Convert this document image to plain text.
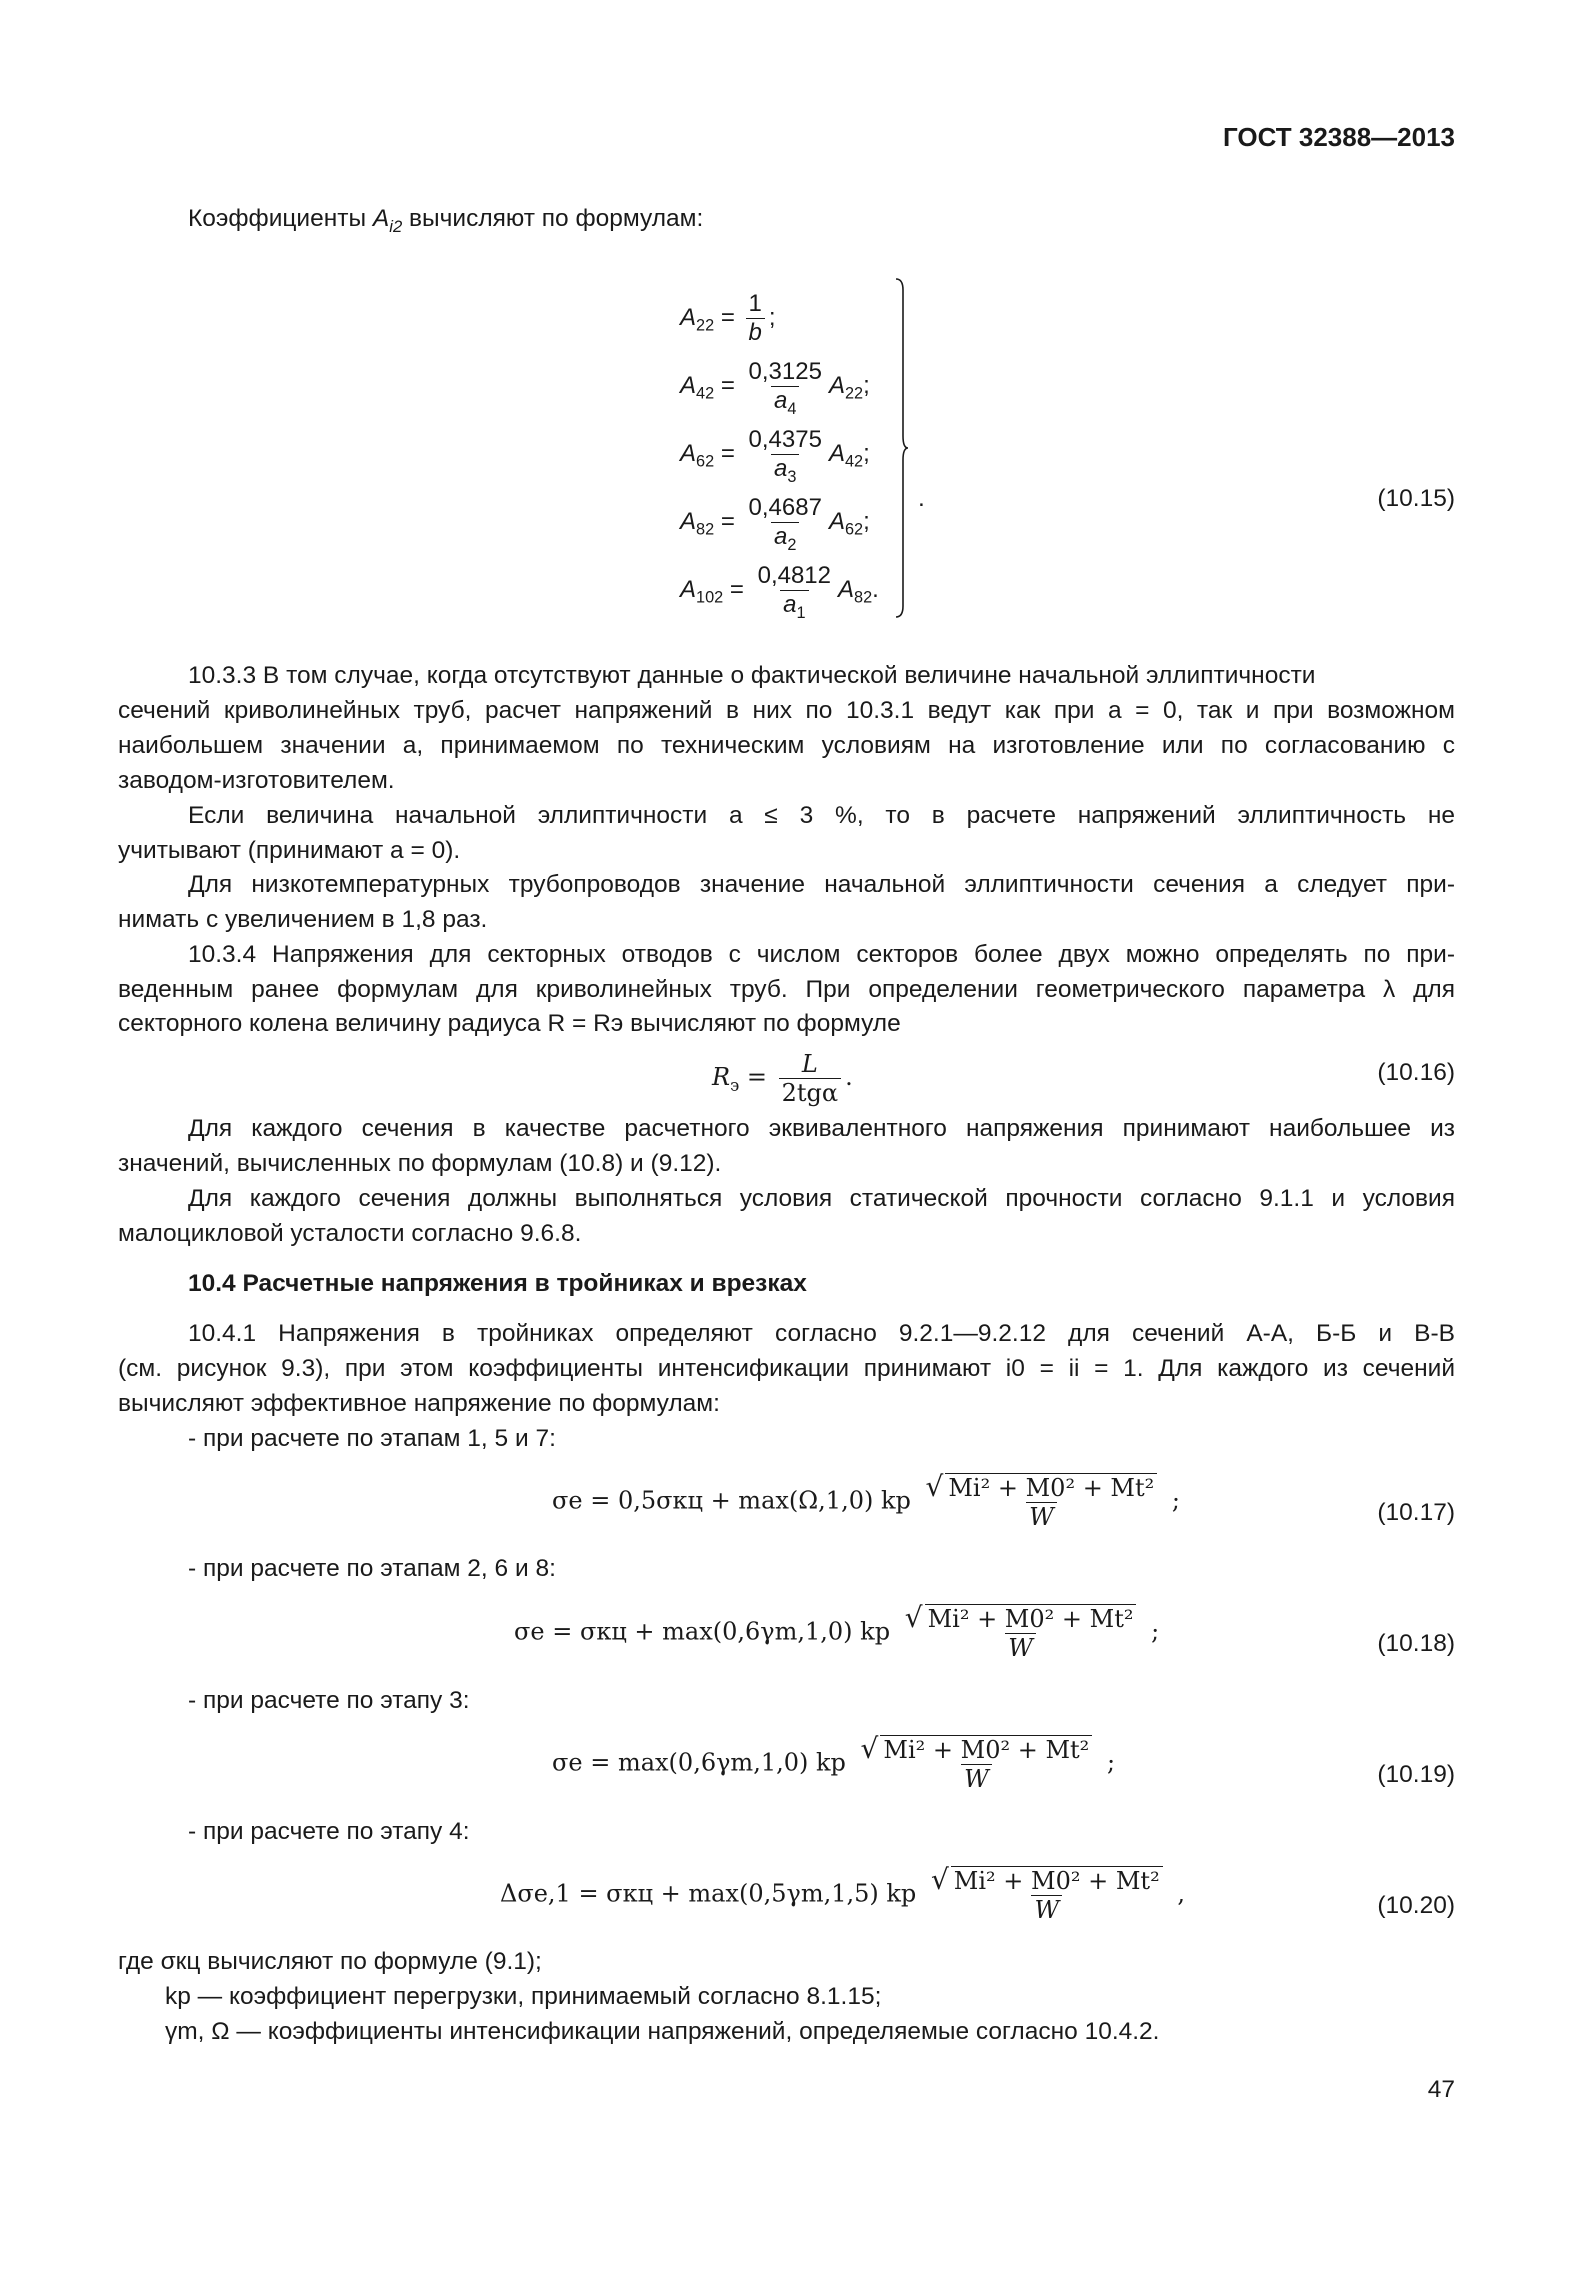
ГОСТ 32388—2013
Коэффициенты $A_{i2}$ вычисляют по формулам:
$A_{22} = \frac{1}{b}$ ;
$A_{42} = \frac{0,3125}{a_4} A_{22}$;
$A_{62} = \frac{0,4375}{a_3} A_{42}$;
$A_{82} = \frac{0,4687}{a_2} A_{62}$;
$A_{102} = \frac{0,4812}{a_1} A_{82}$.
.	(10.15)
10.3.3 В том случае, когда отсутствуют данные о фактической величине начальной эллиптичности
сечений криволинейных труб, расчет напряжений в них по 10.3.1 ведут как при а = 0, так и при возможном
наибольшем значении а, принимаемом по техническим условиям на изготовление или по согласованию с
заводом-изготовителем.
Если величина начальной эллиптичности а ≤ 3 %, то в расчете напряжений эллиптичность не
учитывают (принимают а = 0).
Для низкотемпературных трубопроводов значение начальной эллиптичности сечения а следует при-
нимать с увеличением в 1,8 раз.
10.3.4 Напряжения для секторных отводов с числом секторов более двух можно определять по при-
веденным ранее формулам для криволинейных труб. При определении геометрического параметра λ для
секторного колена величину радиуса R = Rэ вычисляют по формуле
$R_э = \frac{L}{\text{2tgα}}$ .	(10.16)
Для каждого сечения в качестве расчетного эквивалентного напряжения принимают наибольшее из
значений, вычисленных по формулам (10.8) и (9.12).
Для каждого сечения должны выполняться условия статической прочности согласно 9.1.1 и условия
малоцикловой усталости согласно 9.6.8.
10.4 Расчетные напряжения в тройниках и врезках
10.4.1 Напряжения в тройниках определяют согласно 9.2.1—9.2.12 для сечений А-А, Б-Б и В-В
(см. рисунок 9.3), при этом коэффициенты интенсификации принимают i0 = ii = 1. Для каждого из сечений
вычисляют эффективное напряжение по формулам:
- при расчете по этапам 1, 5 и 7:
σe = 0,5σкц + max(Ω,1,0) kp $\frac{\text{√ Mi² + M0² + Mt²}}{W}$ ;	(10.17)
- при расчете по этапам 2, 6 и 8:
σe = σкц + max(0,6γm,1,0) kp $\frac{\text{√ Mi² + M0² + Mt²}}{W}$ ;	(10.18)
- при расчете по этапу 3:
σe = max(0,6γm,1,0) kp $\frac{\text{√ Mi² + M0² + Mt²}}{W}$ ;	(10.19)
- при расчете по этапу 4:
Δσe,1 = σкц + max(0,5γm,1,5) kp $\frac{\text{√ Mi² + M0² + Mt²}}{W}$ ,	(10.20)
где σкц вычисляют по формуле (9.1);
kp — коэффициент перегрузки, принимаемый согласно 8.1.15;
γm, Ω — коэффициенты интенсификации напряжений, определяемые согласно 10.4.2.
47
